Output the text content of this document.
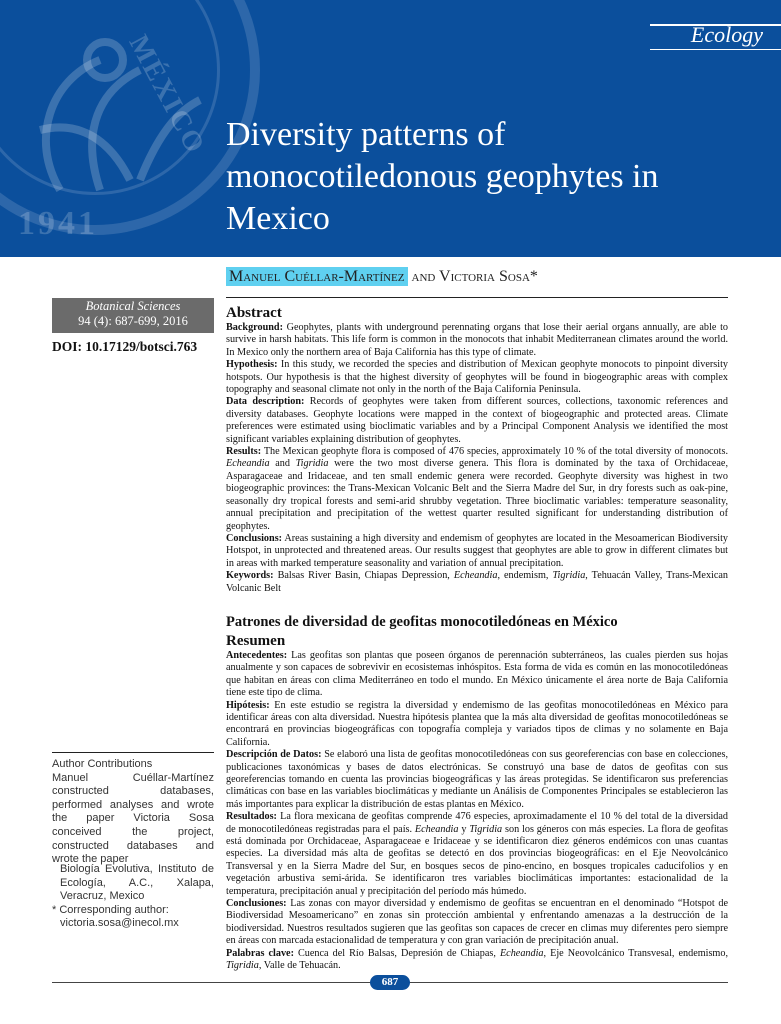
1941
MÉXICO	Ecology
Diversity patterns of monocotiledonous geophytes in Mexico
Manuel Cuéllar-Martínez and Victoria Sosa*
Botanical Sciences
94 (4): 687-699, 2016
DOI: 10.17129/botsci.763

Abstract

Background: Geophytes, plants with underground perennating organs that lose their aerial organs annually, are able to survive in harsh habitats. This life form is common in the monocots that inhabit Mediterranean climates around the world. In Mexico only the northern area of Baja California has this type of climate.

Hypothesis: In this study, we recorded the species and distribution of Mexican geophyte monocots to pinpoint diversity hotspots. Our hypothesis is that the highest diversity of geophytes will be found in biogeographic areas with complex topography and seasonal climate not only in the north of the Baja California Peninsula.

Data description: Records of geophytes were taken from different sources, collections, taxonomic references and diversity databases. Geophyte locations were mapped in the context of biogeographic and protected areas. Climate preferences were estimated using bioclimatic variables and by a Principal Component Analysis we identified the most significant variables explaining distribution of geophytes.

Results: The Mexican geophyte flora is composed of 476 species, approximately 10 % of the total diversity of monocots. Echeandia and Tigridia were the two most diverse genera. This flora is dominated by the taxa of Orchidaceae, Asparagaceae and Iridaceae, and ten small endemic genera were recorded. Geophyte diversity was highest in two biogeographic provinces: the Trans-Mexican Volcanic Belt and the Sierra Madre del Sur, in dry forests such as oak-pine, seasonally dry tropical forests and semi-arid shrubby vegetation. Three bioclimatic variables: temperature seasonality, annual precipitation and precipitation of the wettest quarter resulted significant for understanding distribution of geophytes.

Conclusions: Areas sustaining a high diversity and endemism of geophytes are located in the Mesoamerican Biodiversity Hotspot, in unprotected and threatened areas. Our results suggest that geophytes are able to grow in different climates but in areas with marked temperature seasonality and variation of annual precipitation.

Keywords: Balsas River Basin, Chiapas Depression, Echeandia, endemism, Tigridia, Tehuacán Valley, Trans-Mexican Volcanic Belt

Patrones de diversidad de geofitas monocotiledóneas en México

Resumen

Antecedentes: Las geofitas son plantas que poseen órganos de perennación subterráneos, las cuales pierden sus hojas anualmente y son capaces de sobrevivir en ecosistemas inhóspitos. Esta forma de vida es común en las monocotiledóneas que habitan en áreas con clima Mediterráneo en todo el mundo. En México únicamente el área norte de Baja California tiene este tipo de clima.

Hipótesis: En este estudio se registra la diversidad y endemismo de las geofitas monocotiledóneas en México para identificar áreas con alta diversidad. Nuestra hipótesis plantea que la más alta diversidad de geofitas monocotiledóneas se encontrará en provincias biogeográficas con topografía compleja y variados tipos de climas y no solamente en Baja California.

Descripción de Datos: Se elaboró una lista de geofitas monocotiledóneas con sus georeferencias con base en colecciones, publicaciones taxonómicas y bases de datos electrónicas. Se construyó una base de datos de geofitas con sus georeferencias tomando en cuenta las provincias biogeográficas y las áreas protegidas. Se identificaron sus preferencias climáticas con base en las variables bioclimáticas y mediante un Análisis de Componentes Principales se establecieron las más importantes para explicar la distribución de estas plantas en México.

Resultados: La flora mexicana de geofitas comprende 476 especies, aproximadamente el 10 % del total de la diversidad de monocotiledóneas registradas para el país. Echeandia y Tigridia son los géneros con más especies. La flora de geofitas está dominada por Orchidaceae, Asparagaceae e Iridaceae y se identificaron diez géneros endémicos con unas cuantas especies. La diversidad más alta de geofitas se detectó en dos provincias biogeográficas: en el Eje Neovolcánico Transversal y en la Sierra Madre del Sur, en bosques secos de pino-encino, en bosques tropicales caducifolios y en vegetación arbustiva semi-árida. Se identificaron tres variables bioclimáticas importantes: estacionalidad de la temperatura, precipitación anual y precipitación del período más húmedo.

Conclusiones: Las zonas con mayor diversidad y endemismo de geofitas se encuentran en el denominado “Hotspot de Biodiversidad Mesoamericano” en zonas sin protección ambiental y enfrentando amenazas a la destrucción de la biodiversidad. Nuestros resultados sugieren que las geofitas son capaces de crecer en climas muy diferentes pero siempre en áreas con marcada estacionalidad de temperatura y con gran variación de precipitación anual.

Palabras clave: Cuenca del Río Balsas, Depresión de Chiapas, Echeandia, Eje Neovolcánico Transvesal, endemismo, Tigridia, Valle de Tehuacán.

Author Contributions
Manuel Cuéllar-Martínez constructed databases, performed analyses and wrote the paper Victoria Sosa conceived the project, constructed databases and wrote the paper

Biología Evolutiva, Instituto de Ecología, A.C., Xalapa, Veracruz, Mexico

* Corresponding author: victoria.sosa@inecol.mx

687
